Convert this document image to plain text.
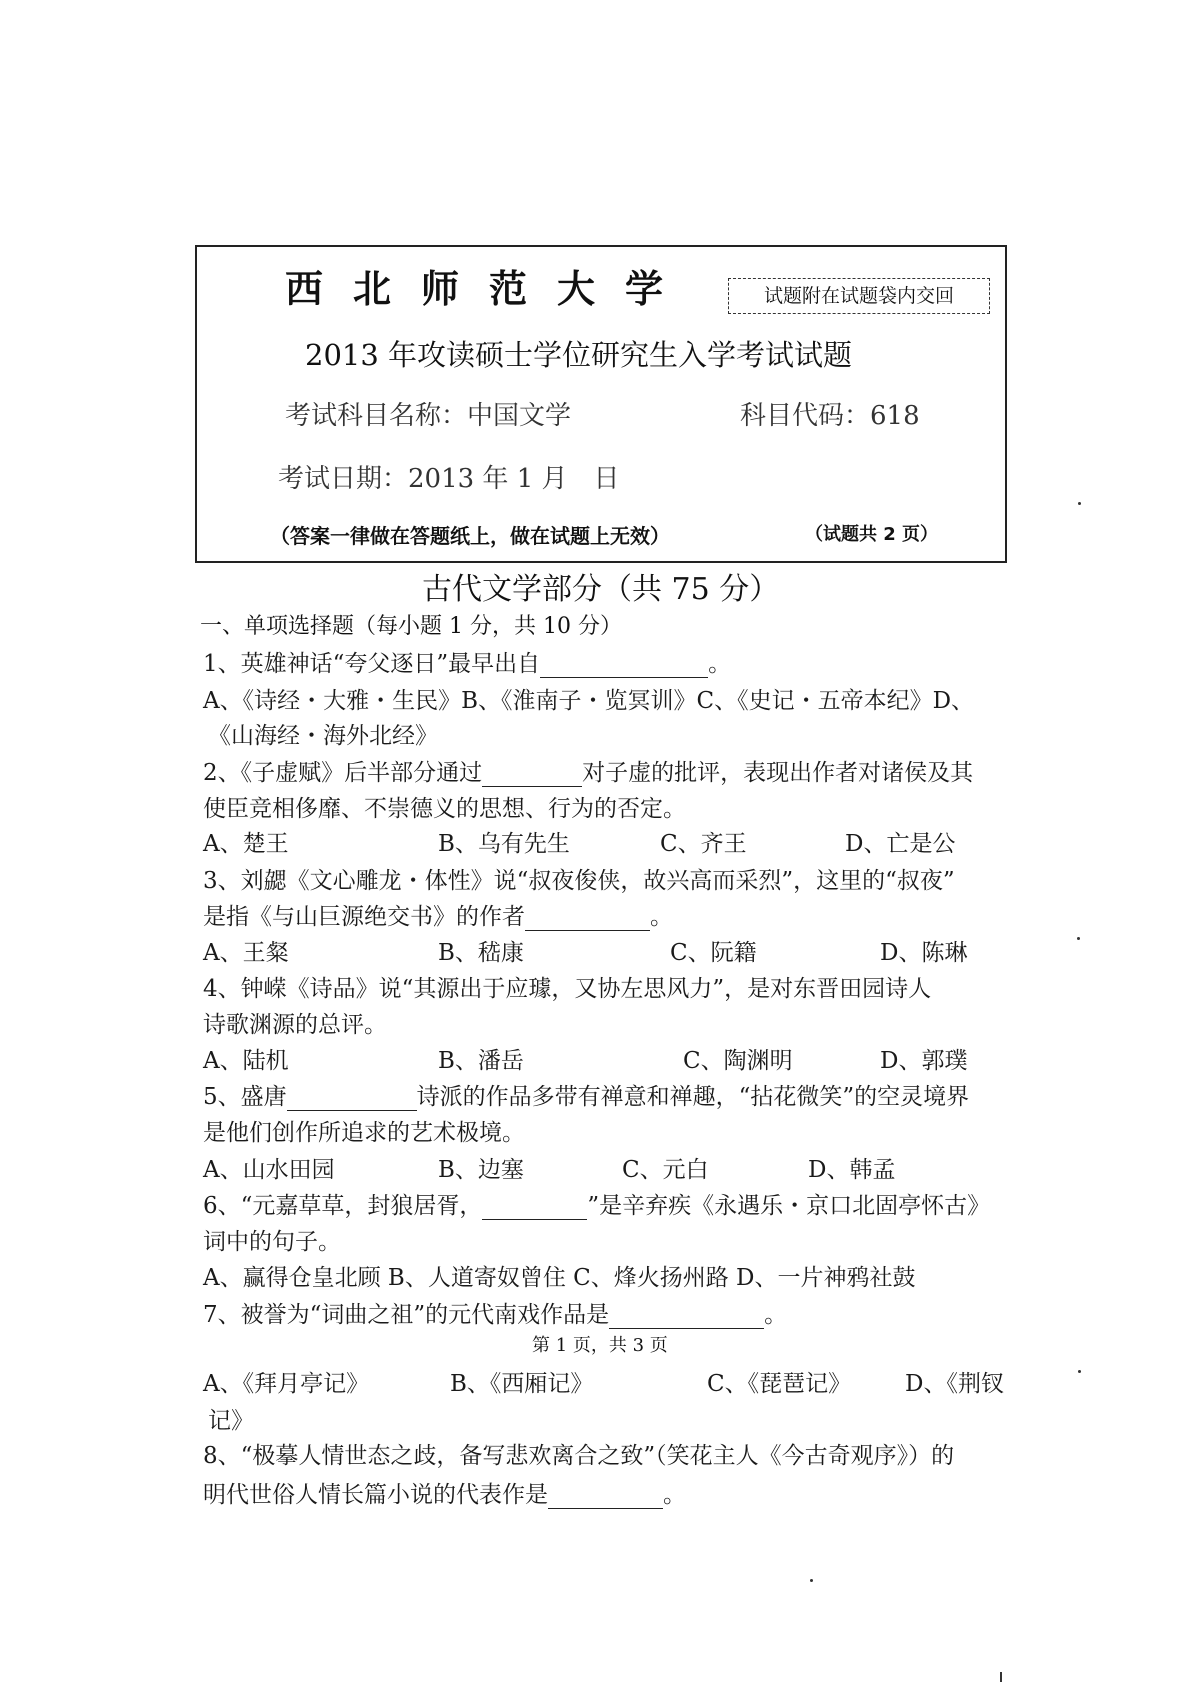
西北师范大学	试题附在试题袋内交回
2013 年攻读硕士学位研究生入学考试试题
考试科目名称：中国文学	科目代码：618
考试日期：2013 年 1 月　日
（答案一律做在答题纸上，做在试题上无效）	（试题共 2 页）
古代文学部分（共 75 分）
一、单项选择题（每小题 1 分，共 10 分）
1、英雄神话“夸父逐日”最早出自	。
A、《诗经・大雅・生民》B、《淮南子・览冥训》C、《史记・五帝本纪》D、
《山海经・海外北经》
2、《子虚赋》后半部分通过	对子虚的批评，表现出作者对诸侯及其
使臣竞相侈靡、不崇德义的思想、行为的否定。
A、楚王	B、乌有先生	C、齐王	D、亡是公
3、刘勰《文心雕龙・体性》说“叔夜俊侠，故兴高而采烈”，这里的“叔夜”
是指《与山巨源绝交书》的作者	。
A、王粲	B、嵇康	C、阮籍	D、陈琳
4、钟嵘《诗品》说“其源出于应璩，又协左思风力”，是对东晋田园诗人
诗歌渊源的总评。
A、陆机	B、潘岳	C、陶渊明	D、郭璞
5、盛唐	诗派的作品多带有禅意和禅趣，“拈花微笑”的空灵境界
是他们创作所追求的艺术极境。
A、山水田园	B、边塞	C、元白	D、韩孟
6、“元嘉草草，封狼居胥，	”是辛弃疾《永遇乐・京口北固亭怀古》
词中的句子。
A、赢得仓皇北顾 B、人道寄奴曾住 C、烽火扬州路 D、一片神鸦社鼓
7、被誉为“词曲之祖”的元代南戏作品是	。
第 1 页，共 3 页
A、《拜月亭记》	B、《西厢记》	C、《琵琶记》 D、《荆钗
记》
8、“极摹人情世态之歧，备写悲欢离合之致”（笑花主人《今古奇观序》）的
明代世俗人情长篇小说的代表作是	。
